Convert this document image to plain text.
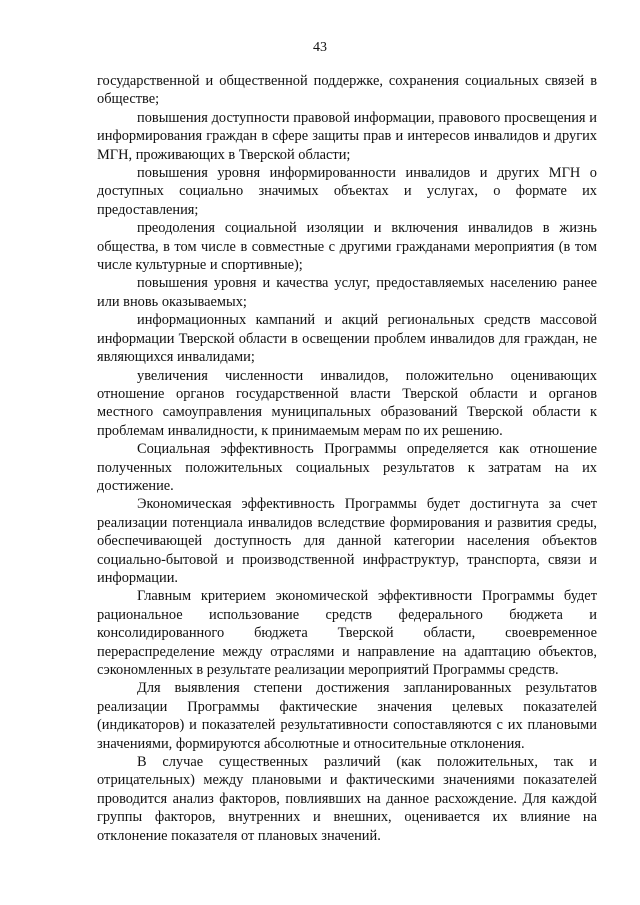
43

государственной и общественной поддержке, сохранения социальных связей в обществе;

повышения доступности правовой информации, правового просвещения и информирования граждан в сфере защиты прав и интересов инвалидов и других МГН, проживающих в Тверской области;

повышения уровня информированности инвалидов и других МГН о доступных социально значимых объектах и услугах, о формате их предоставления;

преодоления социальной изоляции и включения инвалидов в жизнь общества, в том числе в совместные с другими гражданами мероприятия (в том числе культурные и спортивные);

повышения уровня и качества услуг, предоставляемых населению ранее или вновь оказываемых;

информационных кампаний и акций региональных средств массовой информации Тверской области в освещении проблем инвалидов для граждан, не являющихся инвалидами;

увеличения численности инвалидов, положительно оценивающих отношение органов государственной власти Тверской области и органов местного самоуправления муниципальных образований Тверской области к проблемам инвалидности, к принимаемым мерам по их решению.

Социальная эффективность Программы определяется как отношение полученных положительных социальных результатов к затратам на их достижение.

Экономическая эффективность Программы будет достигнута за счет реализации потенциала инвалидов вследствие формирования и развития среды, обеспечивающей доступность для данной категории населения объектов социально-бытовой и производственной инфраструктур, транспорта, связи и информации.

Главным критерием экономической эффективности Программы будет рациональное использование средств федерального бюджета и консолидированного бюджета Тверской области, своевременное перераспределение между отраслями и направление на адаптацию объектов, сэкономленных в результате реализации мероприятий Программы средств.

Для выявления степени достижения запланированных результатов реализации Программы фактические значения целевых показателей (индикаторов) и показателей результативности сопоставляются с их плановыми значениями, формируются абсолютные и относительные отклонения.

В случае существенных различий (как положительных, так и отрицательных) между плановыми и фактическими значениями показателей проводится анализ факторов, повлиявших на данное расхождение. Для каждой группы факторов, внутренних и внешних, оценивается их влияние на отклонение показателя от плановых значений.
